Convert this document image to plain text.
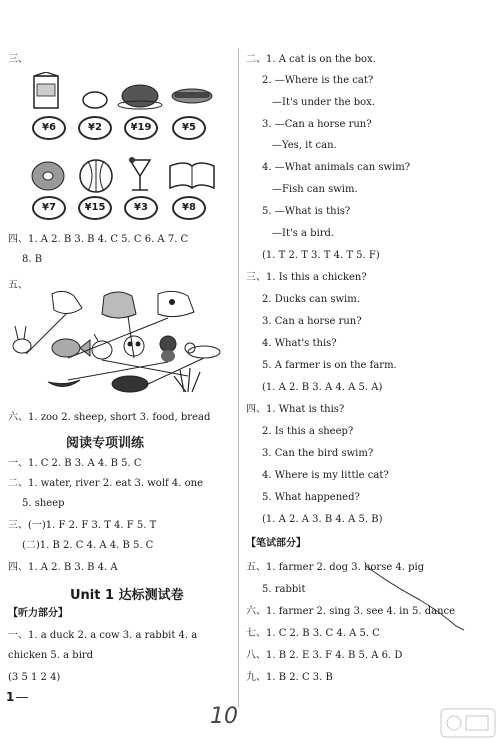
三、
¥6	¥2	¥19	¥5
¥7	¥15	¥3	¥8
四、1. A 2. B 3. B 4. C 5. C 6. A 7. C
8. B
五、
六、1. zoo 2. sheep, short 3. food, bread
阅读专项训练
一、1. C 2. B 3. A 4. B 5. C
二、1. water, river 2. eat 3. wolf 4. one
5. sheep
三、(一)1. F 2. F 3. T 4. F 5. T
(二)1. B 2. C 4. A 4. B 5. C
四、1. A 2. B 3. B 4. A
Unit 1 达标测试卷
【听力部分】
一、1. a duck 2. a cow 3. a rabbit 4. a
chicken 5. a bird
(3 5 1 2 4)
二、1. A cat is on the box.
2. —Where is the cat?
—It's under the box.
3. —Can a horse run?
—Yes, it can.
4. —What animals can swim?
—Fish can swim.
5. —What is this?
—It's a bird.
(1. T 2. T 3. T 4. T 5. F)
三、1. Is this a chicken?
2. Ducks can swim.
3. Can a horse run?
4. What's this?
5. A farmer is on the farm.
(1. A 2. B 3. A 4. A 5. A)
四、1. What is this?
2. Is this a sheep?
3. Can the bird swim?
4. Where is my little cat?
5. What happened?
(1. A 2. A 3. B 4. A 5. B)
【笔试部分】
五、1. farmer 2. dog 3. horse 4. pig
5. rabbit
六、1. farmer 2. sing 3. see 4. in 5. dance
七、1. C 2. B 3. C 4. A 5. C
八、1. B 2. E 3. F 4. B 5. A 6. D
九、1. B 2. C 3. B
1
10
